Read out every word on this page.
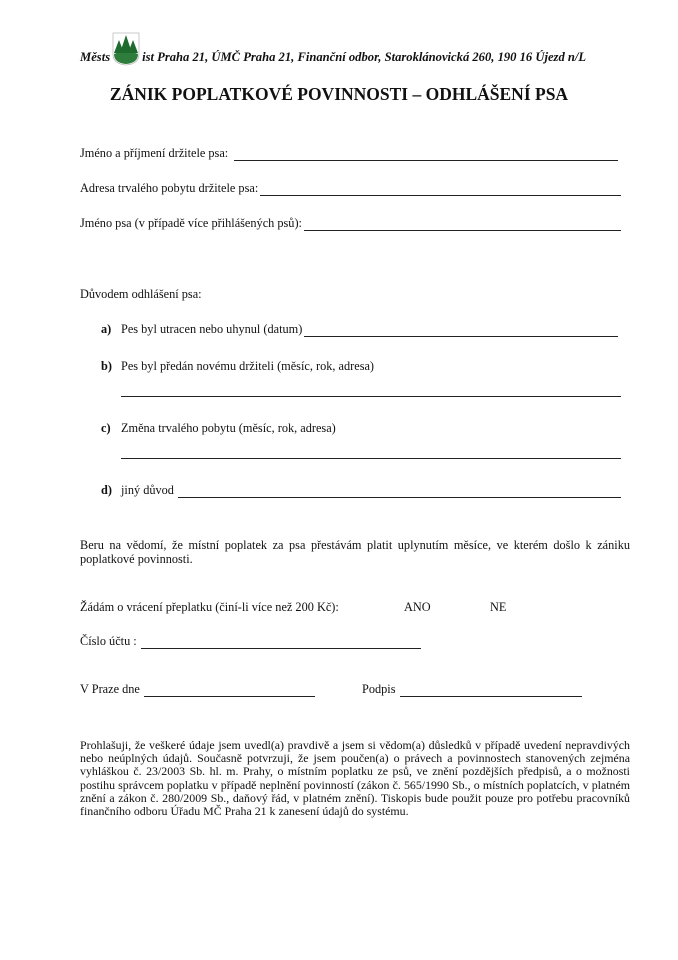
Městs	ist Praha 21, ÚMČ Praha 21, Finanční odbor, Staroklánovická 260, 190 16 Újezd n/L
ZÁNIK POPLATKOVÉ POVINNOSTI – ODHLÁŠENÍ PSA
Jméno a příjmení držitele psa:
Adresa trvalého pobytu držitele psa:
Jméno psa (v případě více přihlášených psů):
Důvodem odhlášení psa:
a) Pes byl utracen nebo uhynul (datum)
b) Pes byl předán novému držiteli (měsíc, rok, adresa)
c) Změna trvalého pobytu (měsíc, rok, adresa)
d) jiný důvod
Beru na vědomí, že místní poplatek za psa přestávám platit uplynutím měsíce, ve kterém došlo k zániku poplatkové povinnosti.
Žádám o vrácení přeplatku (činí-li více než 200 Kč):	ANO	NE
Číslo účtu :
V Praze dne	Podpis
Prohlašuji, že veškeré údaje jsem uvedl(a) pravdivě a jsem si vědom(a) důsledků v případě uvedení nepravdivých nebo neúplných údajů. Současně potvrzuji, že jsem poučen(a) o právech a povinnostech stanovených zejména vyhláškou č. 23/2003 Sb. hl. m. Prahy, o místním poplatku ze psů, ve znění pozdějších předpisů, a o možnosti postihu správcem poplatku v případě neplnění povinností (zákon č. 565/1990 Sb., o místních poplatcích, v platném znění a zákon č. 280/2009 Sb., daňový řád, v platném znění). Tiskopis bude použit pouze pro potřebu pracovníků finančního odboru Úřadu MČ Praha 21 k zanesení údajů do systému.
